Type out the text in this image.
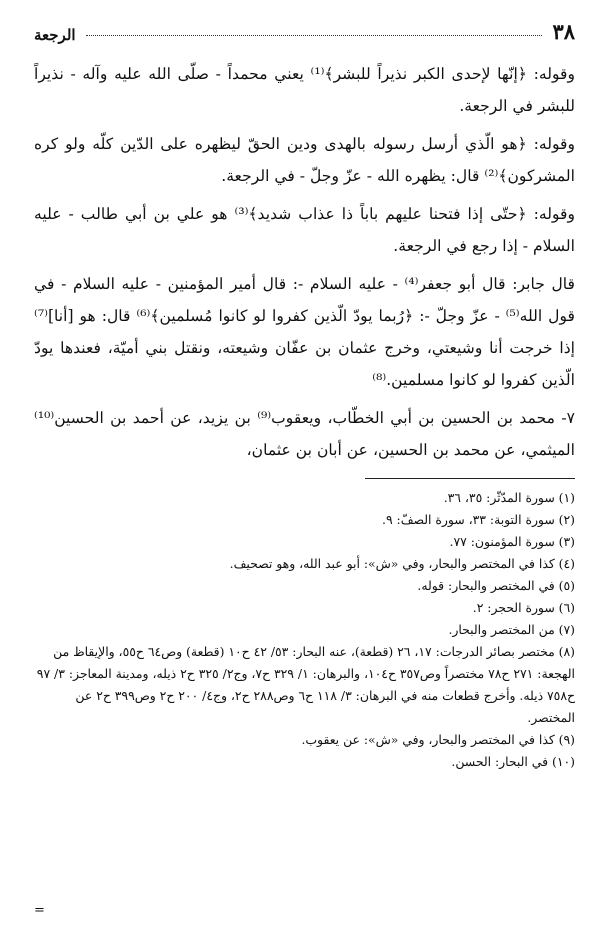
٣٨
الرجعة

وقوله: ﴿إنّها لإحدى الكبر نذيراً للبشر﴾⁽¹⁾ يعني محمداً - صلّى الله عليه وآله - نذيراً للبشر في الرجعة.

وقوله: ﴿هو الّذي أرسل رسوله بالهدى ودين الحقّ ليظهره على الدّين كلّه ولو كره المشركون﴾⁽²⁾ قال: يظهره الله - عزّ وجلّ - في الرجعة.

وقوله: ﴿حتّى إذا فتحنا عليهم باباً ذا عذاب شديد﴾⁽³⁾ هو علي بن أبي طالب - عليه السلام - إذا رجع في الرجعة.

قال جابر: قال أبو جعفر⁽⁴⁾ - عليه السلام -: قال أمير المؤمنين - عليه السلام - في قول الله⁽⁵⁾ - عزّ وجلّ -: ﴿رُبما يودّ الّذين كفروا لو كانوا مُسلمين﴾⁽⁶⁾ قال: هو [أنا]⁽⁷⁾ إذا خرجت أنا وشيعتي، وخرج عثمان بن عفّان وشيعته، ونقتل بني أميّة، فعندها يودّ الّذين كفروا لو كانوا مسلمين.⁽⁸⁾

٧- محمد بن الحسين بن أبي الخطّاب، ويعقوب⁽⁹⁾ بن يزيد، عن أحمد بن الحسين⁽¹⁰⁾ الميثمي، عن محمد بن الحسين، عن أبان بن عثمان،

(١) سورة المدّثّر: ٣٥، ٣٦.

(٢) سورة التوبة: ٣٣، سورة الصفّ: ٩.

(٣) سورة المؤمنون: ٧٧.

(٤) كذا في المختصر والبحار، وفي «ش»: أبو عبد الله، وهو تصحيف.

(٥) في المختصر والبحار: قوله.

(٦) سورة الحجر: ٢.

(٧) من المختصر والبحار.

(٨) مختصر بصائر الدرجات: ١٧، ٢٦ (قطعة)، عنه البحار: ٥٣/ ٤٢ ح١٠ (قطعة) وص٦٤ ح٥٥، والإيقاظ من الهجعة: ٢٧١ ح٧٨ مختصراً وص٣٥٧ ح١٠٤، والبرهان: ١/ ٣٢٩ ح٧، وج٢/ ٣٢٥ ح٢ ذيله، ومدينة المعاجز: ٣/ ٩٧ ح٧٥٨ ذيله. وأخرج قطعات منه في البرهان: ٣/ ١١٨ ح٦ وص٢٨٨ ح٢، وج٤/ ٢٠٠ ح٢ وص٣٩٩ ح٢ عن المختصر.

(٩) كذا في المختصر والبحار، وفي «ش»: عن يعقوب.

(١٠) في البحار: الحسن.

=
